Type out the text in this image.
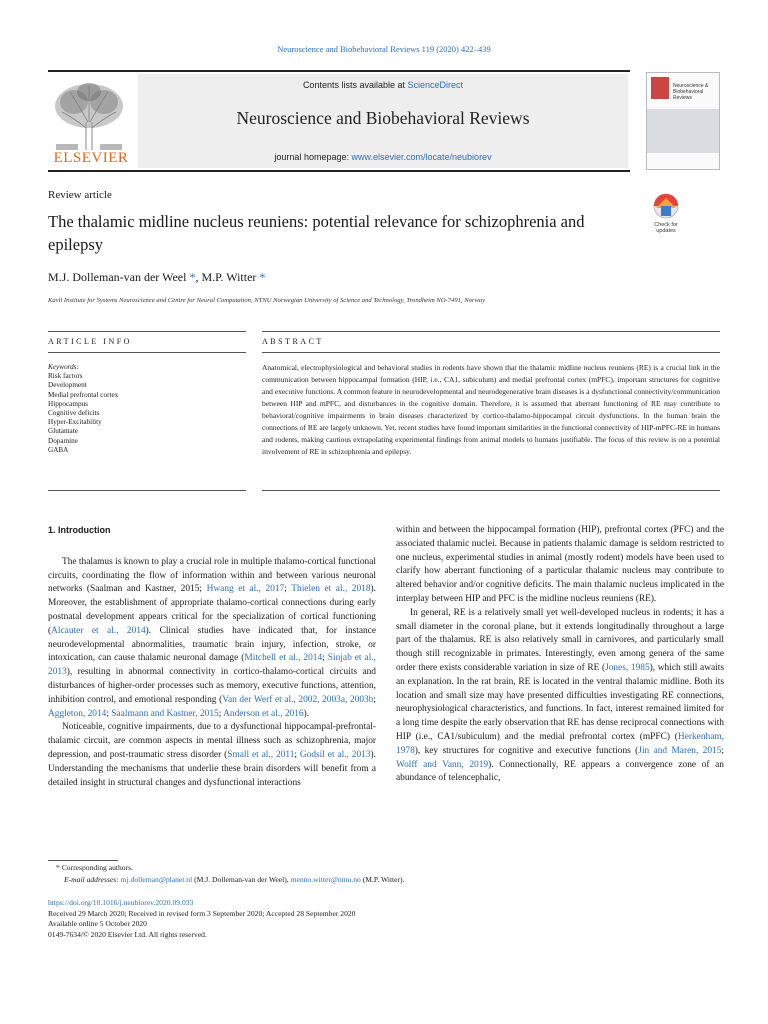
Neuroscience and Biobehavioral Reviews 119 (2020) 422–439
ELSEVIER
Contents lists available at ScienceDirect
Neuroscience and Biobehavioral Reviews
journal homepage: www.elsevier.com/locate/neubiorev
Neuroscience & Biobehavioral Reviews
Review article
The thalamic midline nucleus reuniens: potential relevance for schizophrenia and epilepsy
Check for
updates
M.J. Dolleman-van der Weel *, M.P. Witter *
Kavli Institute for Systems Neuroscience and Centre for Neural Computation, NTNU Norwegian University of Science and Technology, Trondheim NO-7491, Norway
ARTICLE INFO	ABSTRACT
Keywords:
Risk factors
Development
Medial prefrontal cortex
Hippocampus
Cognitive deficits
Hyper-Excitability
Glutamate
Dopamine
GABA
Anatomical, electrophysiological and behavioral studies in rodents have shown that the thalamic midline nucleus reuniens (RE) is a crucial link in the communication between hippocampal formation (HIP, i.e., CA1, subiculum) and medial prefrontal cortex (mPFC), important structures for cognitive and executive functions. A common feature in neurodevelopmental and neurodegenerative brain diseases is a dysfunctional connectivity/communication between HIP and mPFC, and disturbances in the cognitive domain. Therefore, it is assumed that aberrant functioning of RE may contribute to behavioral/cognitive impairments in brain diseases characterized by cortico-thalamo-hippocampal circuit dysfunctions. In the human brain the connections of RE are largely unknown. Yet, recent studies have found important similarities in the functional connectivity of HIP-mPFC-RE in humans and rodents, making cautious extrapolating experimental findings from animal models to humans justifiable. The focus of this review is on a potential involvement of RE in schizophrenia and epilepsy.
1. Introduction

The thalamus is known to play a crucial role in multiple thalamo-cortical functional circuits, coordinating the flow of information within and between various neuronal networks (Saalman and Kastner, 2015; Hwang et al., 2017; Thielen et al., 2018). Moreover, the establishment of appropriate thalamo-cortical connections during early postnatal development appears critical for the specialization of cortical functioning (Alcauter et al., 2014). Clinical studies have indicated that, for instance neurodevelopmental abnormalities, traumatic brain injury, infection, stroke, or intoxication, can cause thalamic neuronal damage (Mitchell et al., 2014; Sinjab et al., 2013), resulting in abnormal connectivity in cortico-thalamo-cortical circuits and disturbances of higher-order processes such as memory, executive functions, attention, inhibition control, and emotional responding (Van der Werf et al., 2002, 2003a, 2003b; Aggleton, 2014; Saalmann and Kastner, 2015; Anderson et al., 2016).

Noticeable, cognitive impairments, due to a dysfunctional hippocampal-prefrontal-thalamic circuit, are common aspects in mental illness such as schizophrenia, major depression, and post-traumatic stress disorder (Small et al., 2011; Godsil et al., 2013). Understanding the mechanisms that underlie these brain disorders will benefit from a detailed insight in structural changes and dysfunctional interactions

within and between the hippocampal formation (HIP), prefrontal cortex (PFC) and the associated thalamic nuclei. Because in patients thalamic damage is seldom restricted to one nucleus, experimental studies in animal (mostly rodent) models have been used to clarify how aberrant functioning of a particular thalamic nucleus may contribute to altered behavior and/or cognitive deficits. The main thalamic nucleus implicated in the interplay between HIP and PFC is the midline nucleus reuniens (RE).

In general, RE is a relatively small yet well-developed nucleus in rodents; it has a small diameter in the coronal plane, but it extends longitudinally throughout a large part of the thalamus. RE is also relatively small in carnivores, and particularly small though still recognizable in primates. Interestingly, even among genera of the same order there exists considerable variation in size of RE (Jones, 1985), which still awaits an explanation. In the rat brain, RE is located in the ventral thalamic midline. Both its location and small size may have presented difficulties investigating RE connections, neurophysiological characteristics, and functions. In fact, interest remained limited for a long time despite the early observation that RE has dense reciprocal connections with HIP (i.e., CA1/subiculum) and the medial prefrontal cortex (mPFC) (Herkenham, 1978), key structures for cognitive and executive functions (Jin and Maren, 2015; Wolff and Vann, 2019). Connectionally, RE appears a convergence zone of an abundance of telencephalic,

* Corresponding authors.
E-mail addresses: mj.dolleman@planet.nl (M.J. Dolleman-van der Weel), menno.witter@ntnu.no (M.P. Witter).
https://doi.org/10.1016/j.neubiorev.2020.09.033
Received 29 March 2020; Received in revised form 3 September 2020; Accepted 28 September 2020
Available online 5 October 2020
0149-7634/© 2020 Elsevier Ltd. All rights reserved.
